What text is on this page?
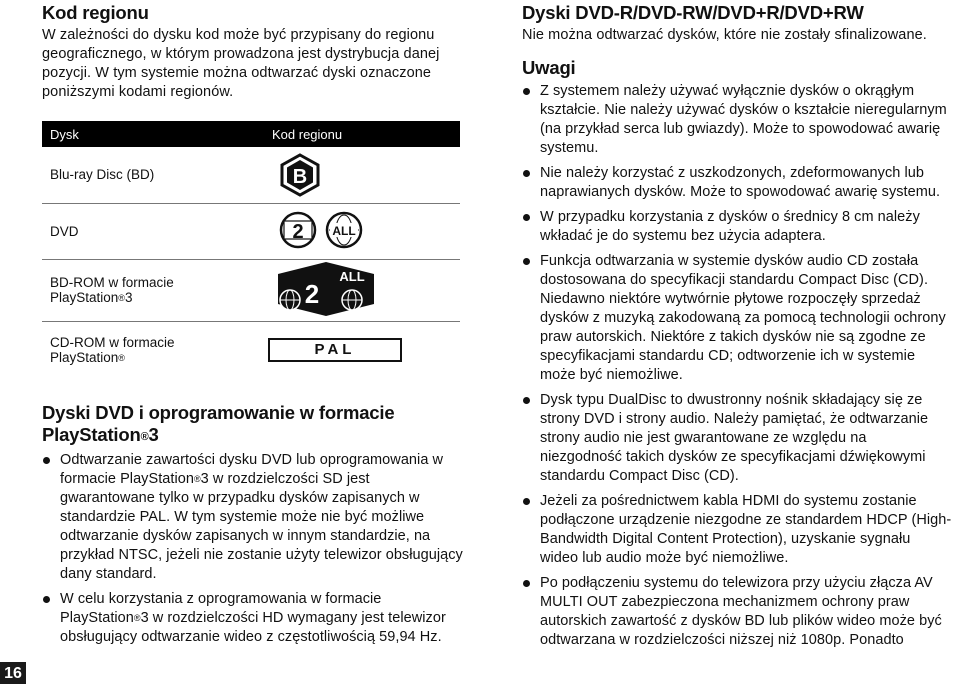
Kod regionu

W zależności do dysku kod może być przypisany do regionu geograficznego, w którym prowadzona jest dystrybucja danej pozycji. W tym systemie można odtwarzać dyski oznaczone poniższymi kodami regionów.

Dysk	Kod regionu
Blu-ray Disc (BD)	B

DVD	2 ALL

BD-ROM w formacie
PlayStation®3	2
ALL

CD-ROM w formacie
PlayStation®	PAL
Dyski DVD i oprogramowanie w formacie PlayStation®3
Odtwarzanie zawartości dysku DVD lub oprogramowania w formacie PlayStation®3 w rozdzielczości SD jest gwarantowane tylko w przypadku dysków zapisanych w standardzie PAL. W tym systemie może nie być możliwe odtwarzanie dysków zapisanych w innym standardzie, na przykład NTSC, jeżeli nie zostanie użyty telewizor obsługujący dany standard.
W celu korzystania z oprogramowania w formacie PlayStation®3 w rozdzielczości HD wymagany jest telewizor obsługujący odtwarzanie wideo z częstotliwością 59,94 Hz.
Dyski DVD-R/DVD-RW/DVD+R/DVD+RW

Nie można odtwarzać dysków, które nie zostały sfinalizowane.

Uwagi
Z systemem należy używać wyłącznie dysków o okrągłym kształcie. Nie należy używać dysków o kształcie nieregularnym (na przykład serca lub gwiazdy). Może to spowodować awarię systemu.
Nie należy korzystać z uszkodzonych, zdeformowanych lub naprawianych dysków. Może to spowodować awarię systemu.
W przypadku korzystania z dysków o średnicy 8 cm należy wkładać je do systemu bez użycia adaptera.
Funkcja odtwarzania w systemie dysków audio CD została dostosowana do specyfikacji standardu Compact Disc (CD). Niedawno niektóre wytwórnie płytowe rozpoczęły sprzedaż dysków z muzyką zakodowaną za pomocą technologii ochrony praw autorskich. Niektóre z takich dysków nie są zgodne ze specyfikacjami standardu CD; odtworzenie ich w systemie może być niemożliwe.
Dysk typu DualDisc to dwustronny nośnik składający się ze strony DVD i strony audio. Należy pamiętać, że odtwarzanie strony audio nie jest gwarantowane ze względu na niezgodność takich dysków ze specyfikacjami dźwiękowymi standardu Compact Disc (CD).
Jeżeli za pośrednictwem kabla HDMI do systemu zostanie podłączone urządzenie niezgodne ze standardem HDCP (High-Bandwidth Digital Content Protection), uzyskanie sygnału wideo lub audio może być niemożliwe.
Po podłączeniu systemu do telewizora przy użyciu złącza AV MULTI OUT zabezpieczona mechanizmem ochrony praw autorskich zawartość z dysków BD lub plików wideo może być odtwarzana w rozdzielczości niższej niż 1080p. Ponadto
16
